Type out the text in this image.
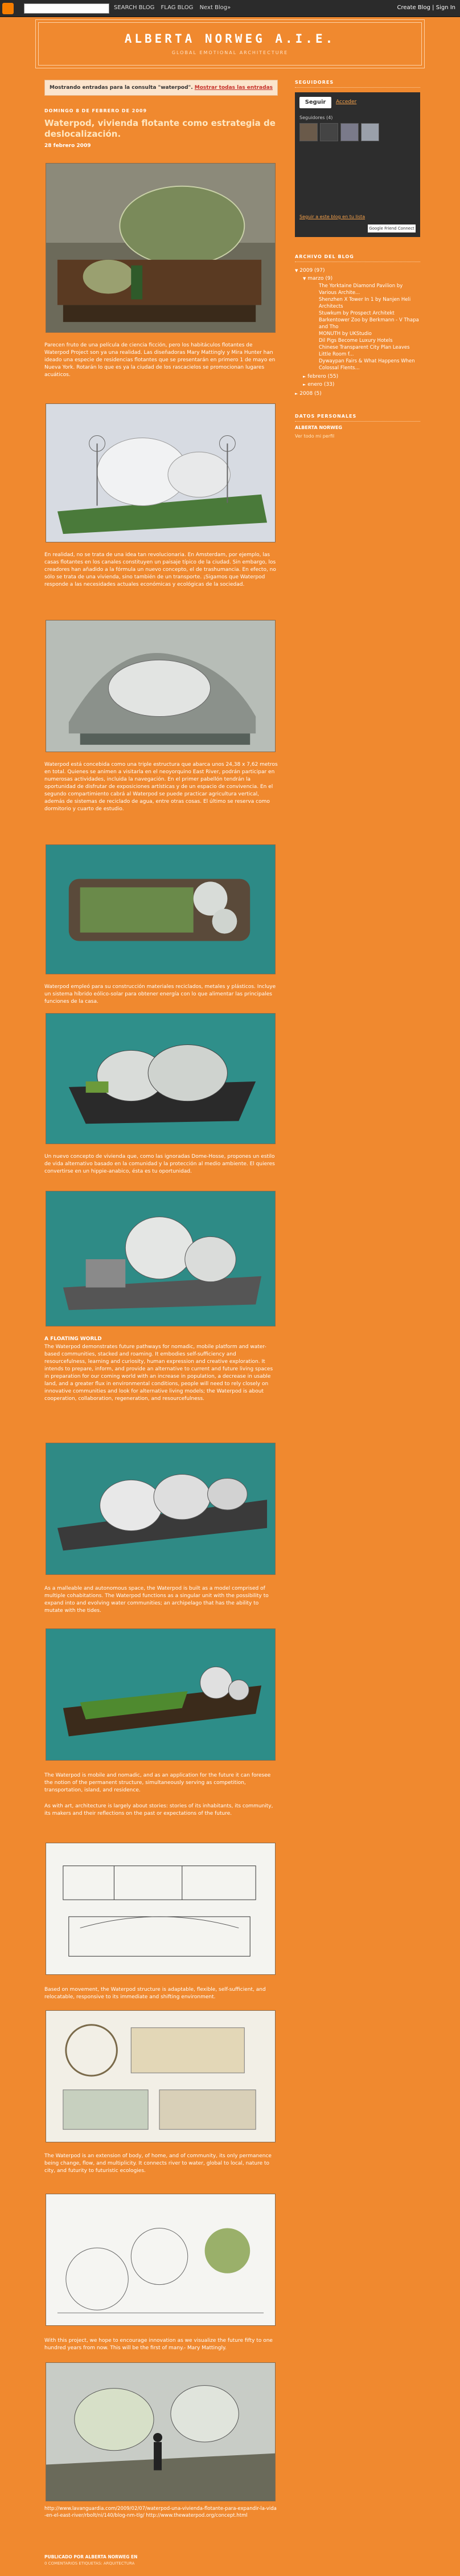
SEARCH BLOG FLAG BLOG Next Blog»	Create Blog | Sign In
ALBERTA NORWEG A.I.E.
GLOBAL EMOTIONAL ARCHITECTURE
Mostrando entradas para la consulta "waterpod". Mostrar todas las entradas
DOMINGO 8 DE FEBRERO DE 2009
Waterpod, vivienda flotante como estrategia de deslocalización.
28 febrero 2009
Parecen fruto de una película de ciencia ficción, pero los habitáculos flotantes de Waterpod Project son ya una realidad. Las diseñadoras Mary Mattingly y Mira Hunter han ideado una especie de residencias flotantes que se presentarán en primero 1 de mayo en Nueva York. Rotarán lo que es ya la ciudad de los rascacielos se promocionan lugares acuáticos.
En realidad, no se trata de una idea tan revolucionaria. En Amsterdam, por ejemplo, las casas flotantes en los canales constituyen un paisaje típico de la ciudad. Sin embargo, los creadores han añadido a la fórmula un nuevo concepto, el de trashumancia. En efecto, no sólo se trata de una vivienda, sino también de un transporte. ¡Sigamos que Waterpod responde a las necesidades actuales económicas y ecológicas de la sociedad.
Waterpod está concebida como una triple estructura que abarca unos 24,38 x 7,62 metros en total. Quienes se animen a visitarla en el neoyorquino East River, podrán participar en numerosas actividades, incluida la navegación. En el primer pabellón tendrán la oportunidad de disfrutar de exposiciones artísticas y de un espacio de convivencia. En el segundo compartimiento cabrá al Waterpod se puede practicar agricultura vertical, además de sistemas de reciclado de agua, entre otras cosas. El último se reserva como dormitorio y cuarto de estudio.
Waterpod empleó para su construcción materiales reciclados, metales y plásticos. Incluye un sistema híbrido eólico-solar para obtener energía con lo que alimentar las principales funciones de la casa.
Un nuevo concepto de vivienda que, como las ignoradas Dome-Hosse, propones un estilo de vida alternativo basado en la comunidad y la protección al medio ambiente. El quieres convertirse en un hippie-anabico, ésta es tu oportunidad.
A FLOATING WORLD
The Waterpod demonstrates future pathways for nomadic, mobile platform and water-based communities, stacked and roaming. It embodies self-sufficiency and resourcefulness, learning and curiosity, human expression and creative exploration. It intends to prepare, inform, and provide an alternative to current and future living spaces in preparation for our coming world with an increase in population, a decrease in usable land, and a greater flux in environmental conditions, people will need to rely closely on innovative communities and look for alternative living models; the Waterpod is about cooperation, collaboration, regeneration, and resourcefulness.
As a malleable and autonomous space, the Waterpod is built as a model comprised of multiple cohabitations. The Waterpod functions as a singular unit with the possibility to expand into and evolving water communities; an archipelago that has the ability to mutate with the tides.
The Waterpod is mobile and nomadic, and as an application for the future it can foresee the notion of the permanent structure, simultaneously serving as competition, transportation, island, and residence.
As with art, architecture is largely about stories: stories of its inhabitants, its community, its makers and their reflections on the past or expectations of the future.
Based on movement, the Waterpod structure is adaptable, flexible, self-sufficient, and relocatable, responsive to its immediate and shifting environment.
The Waterpod is an extension of body, of home, and of community, its only permanence being change, flow, and multiplicity. It connects river to water, global to local, nature to city, and futurity to futuristic ecologies.
With this project, we hope to encourage innovation as we visualize the future fifty to one hundred years from now. This will be the first of many.- Mary Mattingly.
http://www.lavanguardia.com/2009/02/07/waterpod-una-vivienda-flotante-para-expandir-la-vida-en-el-east-river/rbolt/ni/140/blog-nm-tlg/ http://www.thewaterpod.org/concept.html
PUBLICADO POR ALBERTA NORWEG EN
0 COMENTARIOS ETIQUETAS: ARQUITECTURA
SEGUIDORES
Seguir	Acceder
Seguidores (4)
Seguir a este blog en tu lista
Google Friend Connect
ARCHIVO DEL BLOG
▼ 2009 (97)
▼ marzo (9)
The Yorktaine Diamond Pavilion by Various Archite...
Shenzhen X Tower In 1 by Nanjen Heli Architects
Stuwkum by Prospect Architekt
Barkentower Zoo by Berkmann - V Thapa and Tho
MONUTH by UKStudio
Dil Pigs Become Luxury Hotels
Chinese Transparent City Plan Leaves Little Room f...
Dywaypan Fairs & What Happens When Colossal Flents...
► febrero (55)
► enero (33)
► 2008 (5)
DATOS PERSONALES
ALBERTA NORWEG
Ver todo mi perfil
